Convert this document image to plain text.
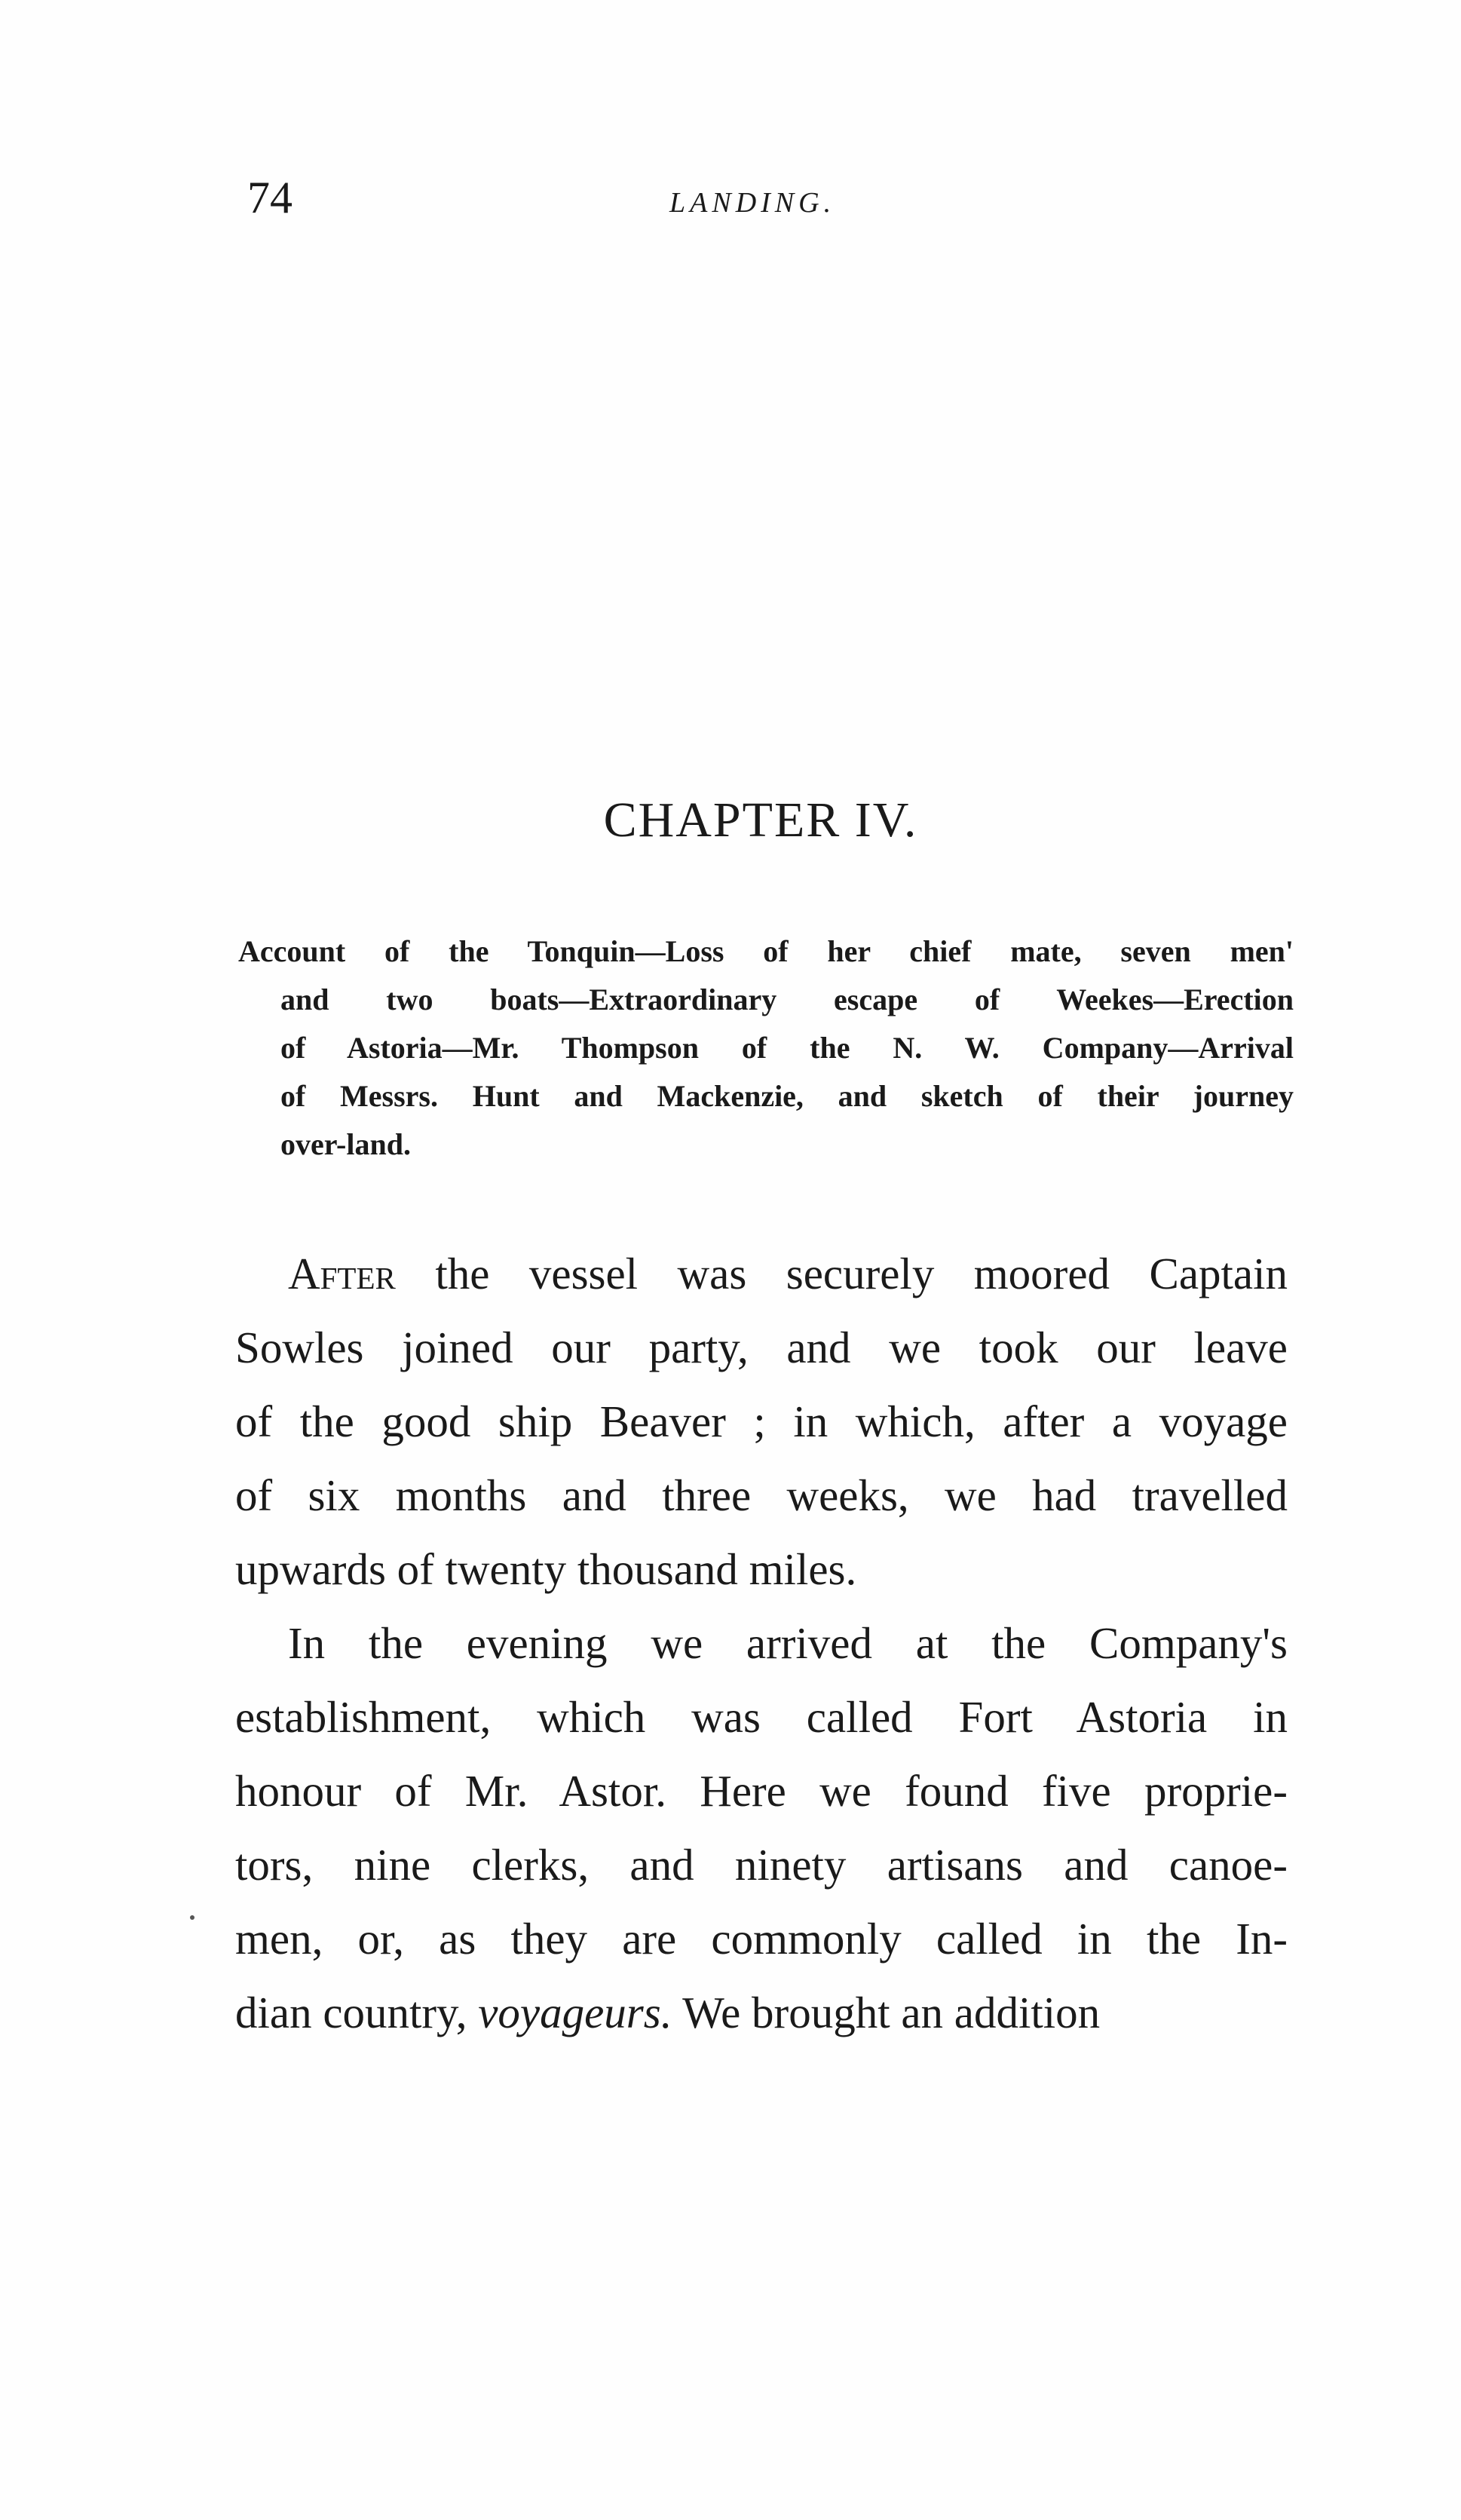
74	LANDING.
CHAPTER IV.
Account of the Tonquin—Loss of her chief mate, seven men'
and two boats—Extraordinary escape of Weekes—Erection
of Astoria—Mr. Thompson of the N. W. Company—Arrival
of Messrs. Hunt and Mackenzie, and sketch of their journey
over-land.
After the vessel was securely moored Captain
Sowles joined our party, and we took our leave
of the good ship Beaver ; in which, after a voyage
of six months and three weeks, we had travelled
upwards of twenty thousand miles.
In the evening we arrived at the Company's
establishment, which was called Fort Astoria in
honour of Mr. Astor. Here we found five proprie-
tors, nine clerks, and ninety artisans and canoe-
men, or, as they are commonly called in the In-
dian country, voyageurs. We brought an addition
